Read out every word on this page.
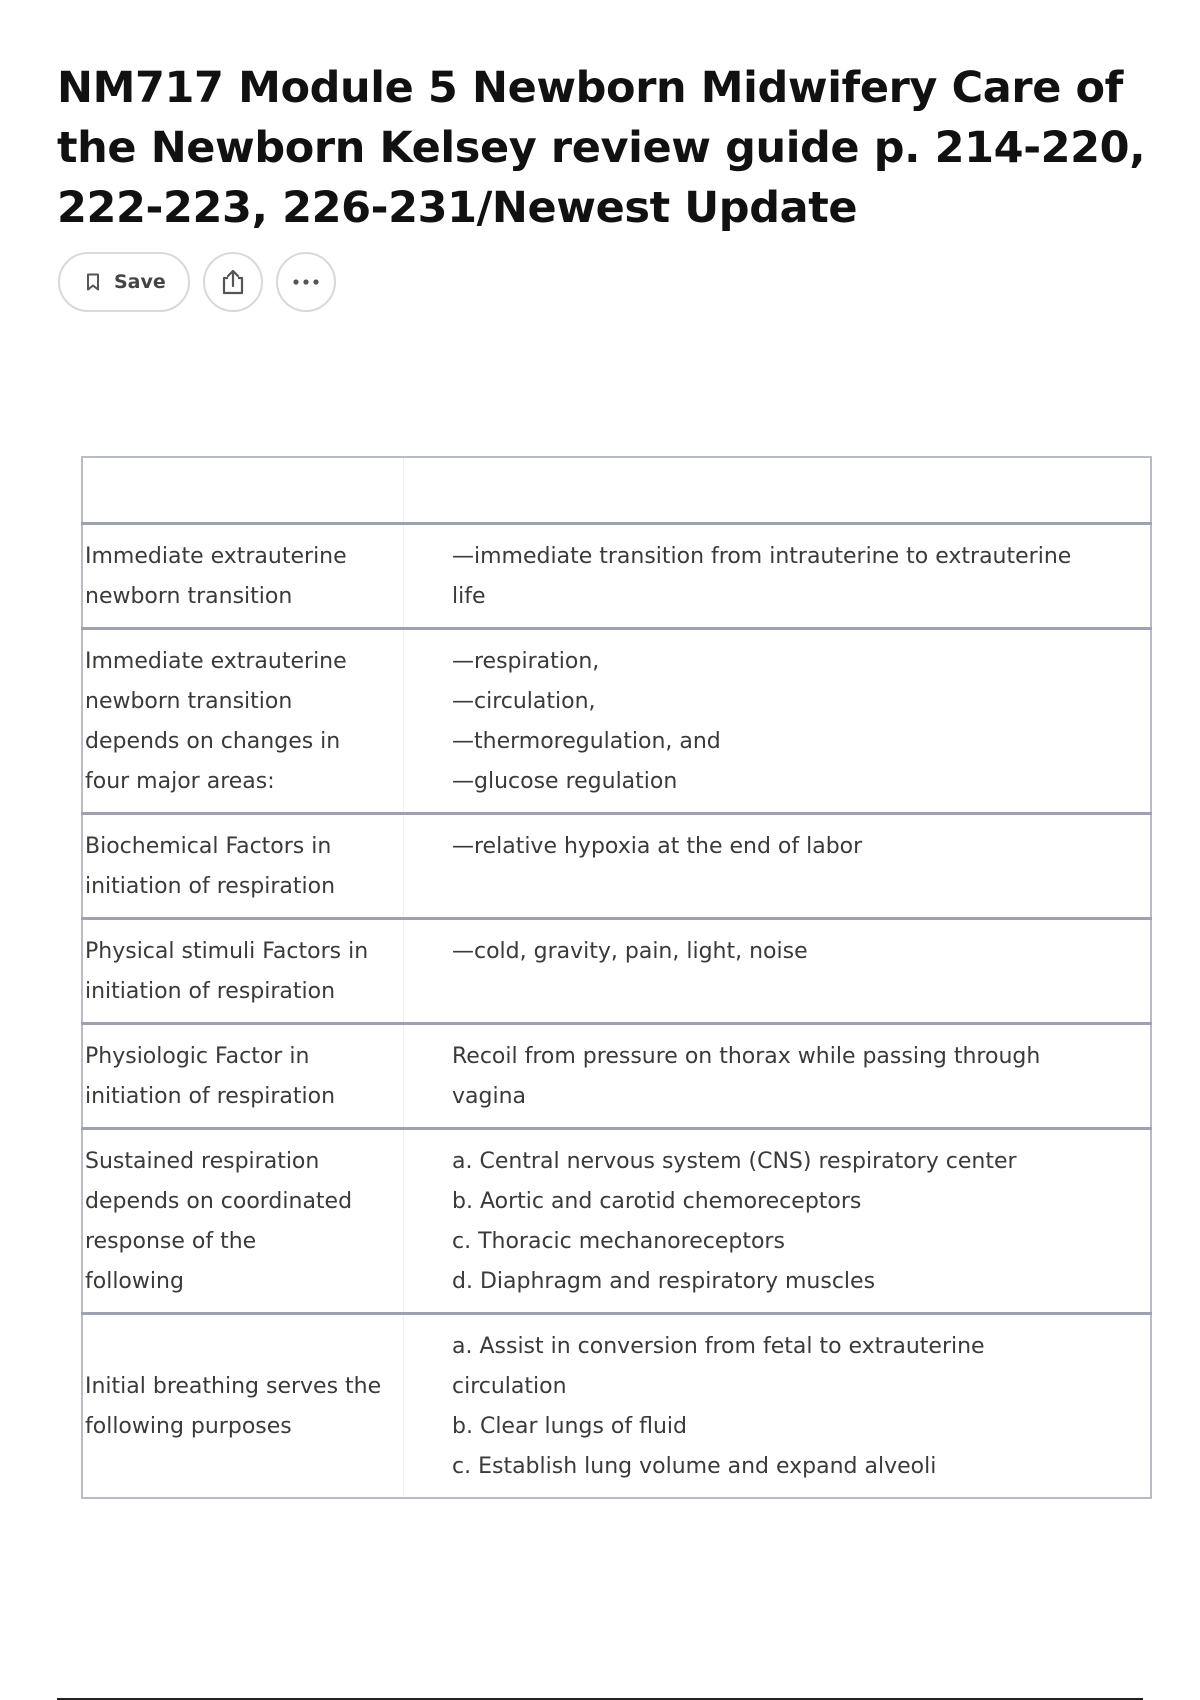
NM717 Module 5 Newborn Midwifery Care of the Newborn Kelsey review guide p. 214-220, 222-223, 226-231/Newest Update
Save

Immediate extrauterine
newborn transition	—immediate transition from intrauterine to extrauterine
life

Immediate extrauterine
newborn transition
depends on changes in
four major areas:	—respiration,
—circulation,
—thermoregulation, and
—glucose regulation

Biochemical Factors in
initiation of respiration	—relative hypoxia at the end of labor

Physical stimuli Factors in
initiation of respiration	—cold, gravity, pain, light, noise

Physiologic Factor in
initiation of respiration	Recoil from pressure on thorax while passing through
vagina

Sustained respiration
depends on coordinated
response of the
following	a. Central nervous system (CNS) respiratory center
b. Aortic and carotid chemoreceptors
c. Thoracic mechanoreceptors
d. Diaphragm and respiratory muscles

Initial breathing serves the
following purposes	a. Assist in conversion from fetal to extrauterine
circulation
b. Clear lungs of fluid
c. Establish lung volume and expand alveoli
